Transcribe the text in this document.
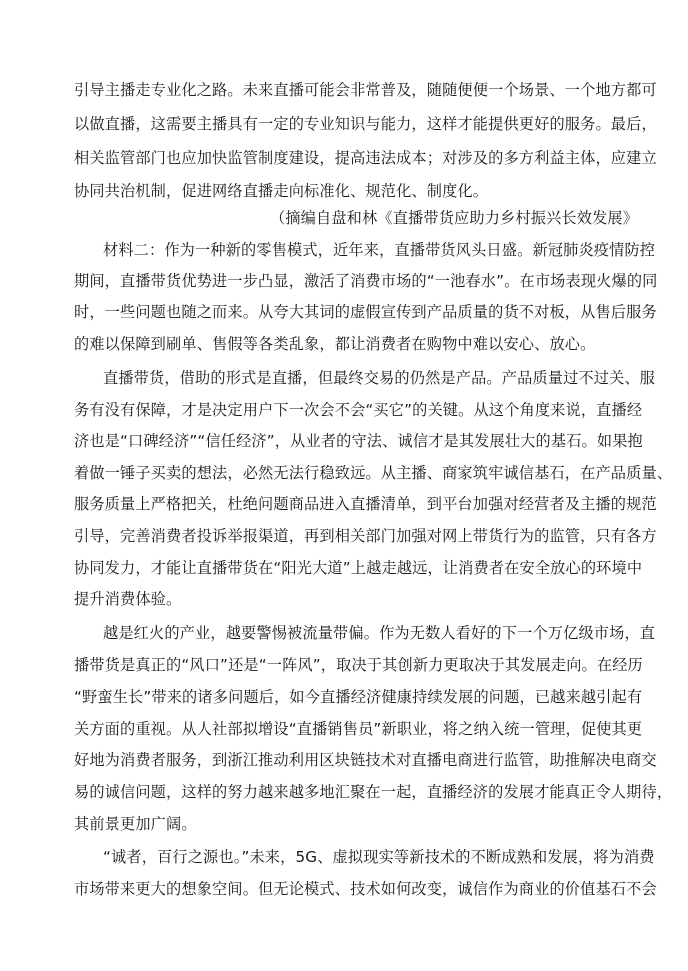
引导主播走专业化之路。未来直播可能会非常普及，随随便便一个场景、一个地方都可
以做直播，这需要主播具有一定的专业知识与能力，这样才能提供更好的服务。最后，
相关监管部门也应加快监管制度建设，提高违法成本；对涉及的多方利益主体，应建立
协同共治机制，促进网络直播走向标准化、规范化、制度化。
（摘编自盘和林《直播带货应助力乡村振兴长效发展》
材料二：作为一种新的零售模式，近年来，直播带货风头日盛。新冠肺炎疫情防控
期间，直播带货优势进一步凸显，激活了消费市场的“一池春水”。在市场表现火爆的同
时，一些问题也随之而来。从夸大其词的虚假宣传到产品质量的货不对板，从售后服务
的难以保障到刷单、售假等各类乱象，都让消费者在购物中难以安心、放心。
直播带货，借助的形式是直播，但最终交易的仍然是产品。产品质量过不过关、服
务有没有保障，才是决定用户下一次会不会“买它”的关键。从这个角度来说，直播经
济也是“口碑经济”“信任经济”，从业者的守法、诚信才是其发展壮大的基石。如果抱
着做一锤子买卖的想法，必然无法行稳致远。从主播、商家筑牢诚信基石，在产品质量、
服务质量上严格把关，杜绝问题商品进入直播清单，到平台加强对经营者及主播的规范
引导，完善消费者投诉举报渠道，再到相关部门加强对网上带货行为的监管，只有各方
协同发力，才能让直播带货在“阳光大道”上越走越远，让消费者在安全放心的环境中
提升消费体验。
越是红火的产业，越要警惕被流量带偏。作为无数人看好的下一个万亿级市场，直
播带货是真正的“风口”还是“一阵风”，取决于其创新力更取决于其发展走向。在经历
“野蛮生长”带来的诸多问题后，如今直播经济健康持续发展的问题，已越来越引起有
关方面的重视。从人社部拟增设“直播销售员”新职业，将之纳入统一管理，促使其更
好地为消费者服务，到浙江推动利用区块链技术对直播电商进行监管，助推解决电商交
易的诚信问题，这样的努力越来越多地汇聚在一起，直播经济的发展才能真正令人期待，
其前景更加广阔。
“诚者，百行之源也。”未来，5G、虚拟现实等新技术的不断成熟和发展，将为消费
市场带来更大的想象空间。但无论模式、技术如何改变，诚信作为商业的价值基石不会
